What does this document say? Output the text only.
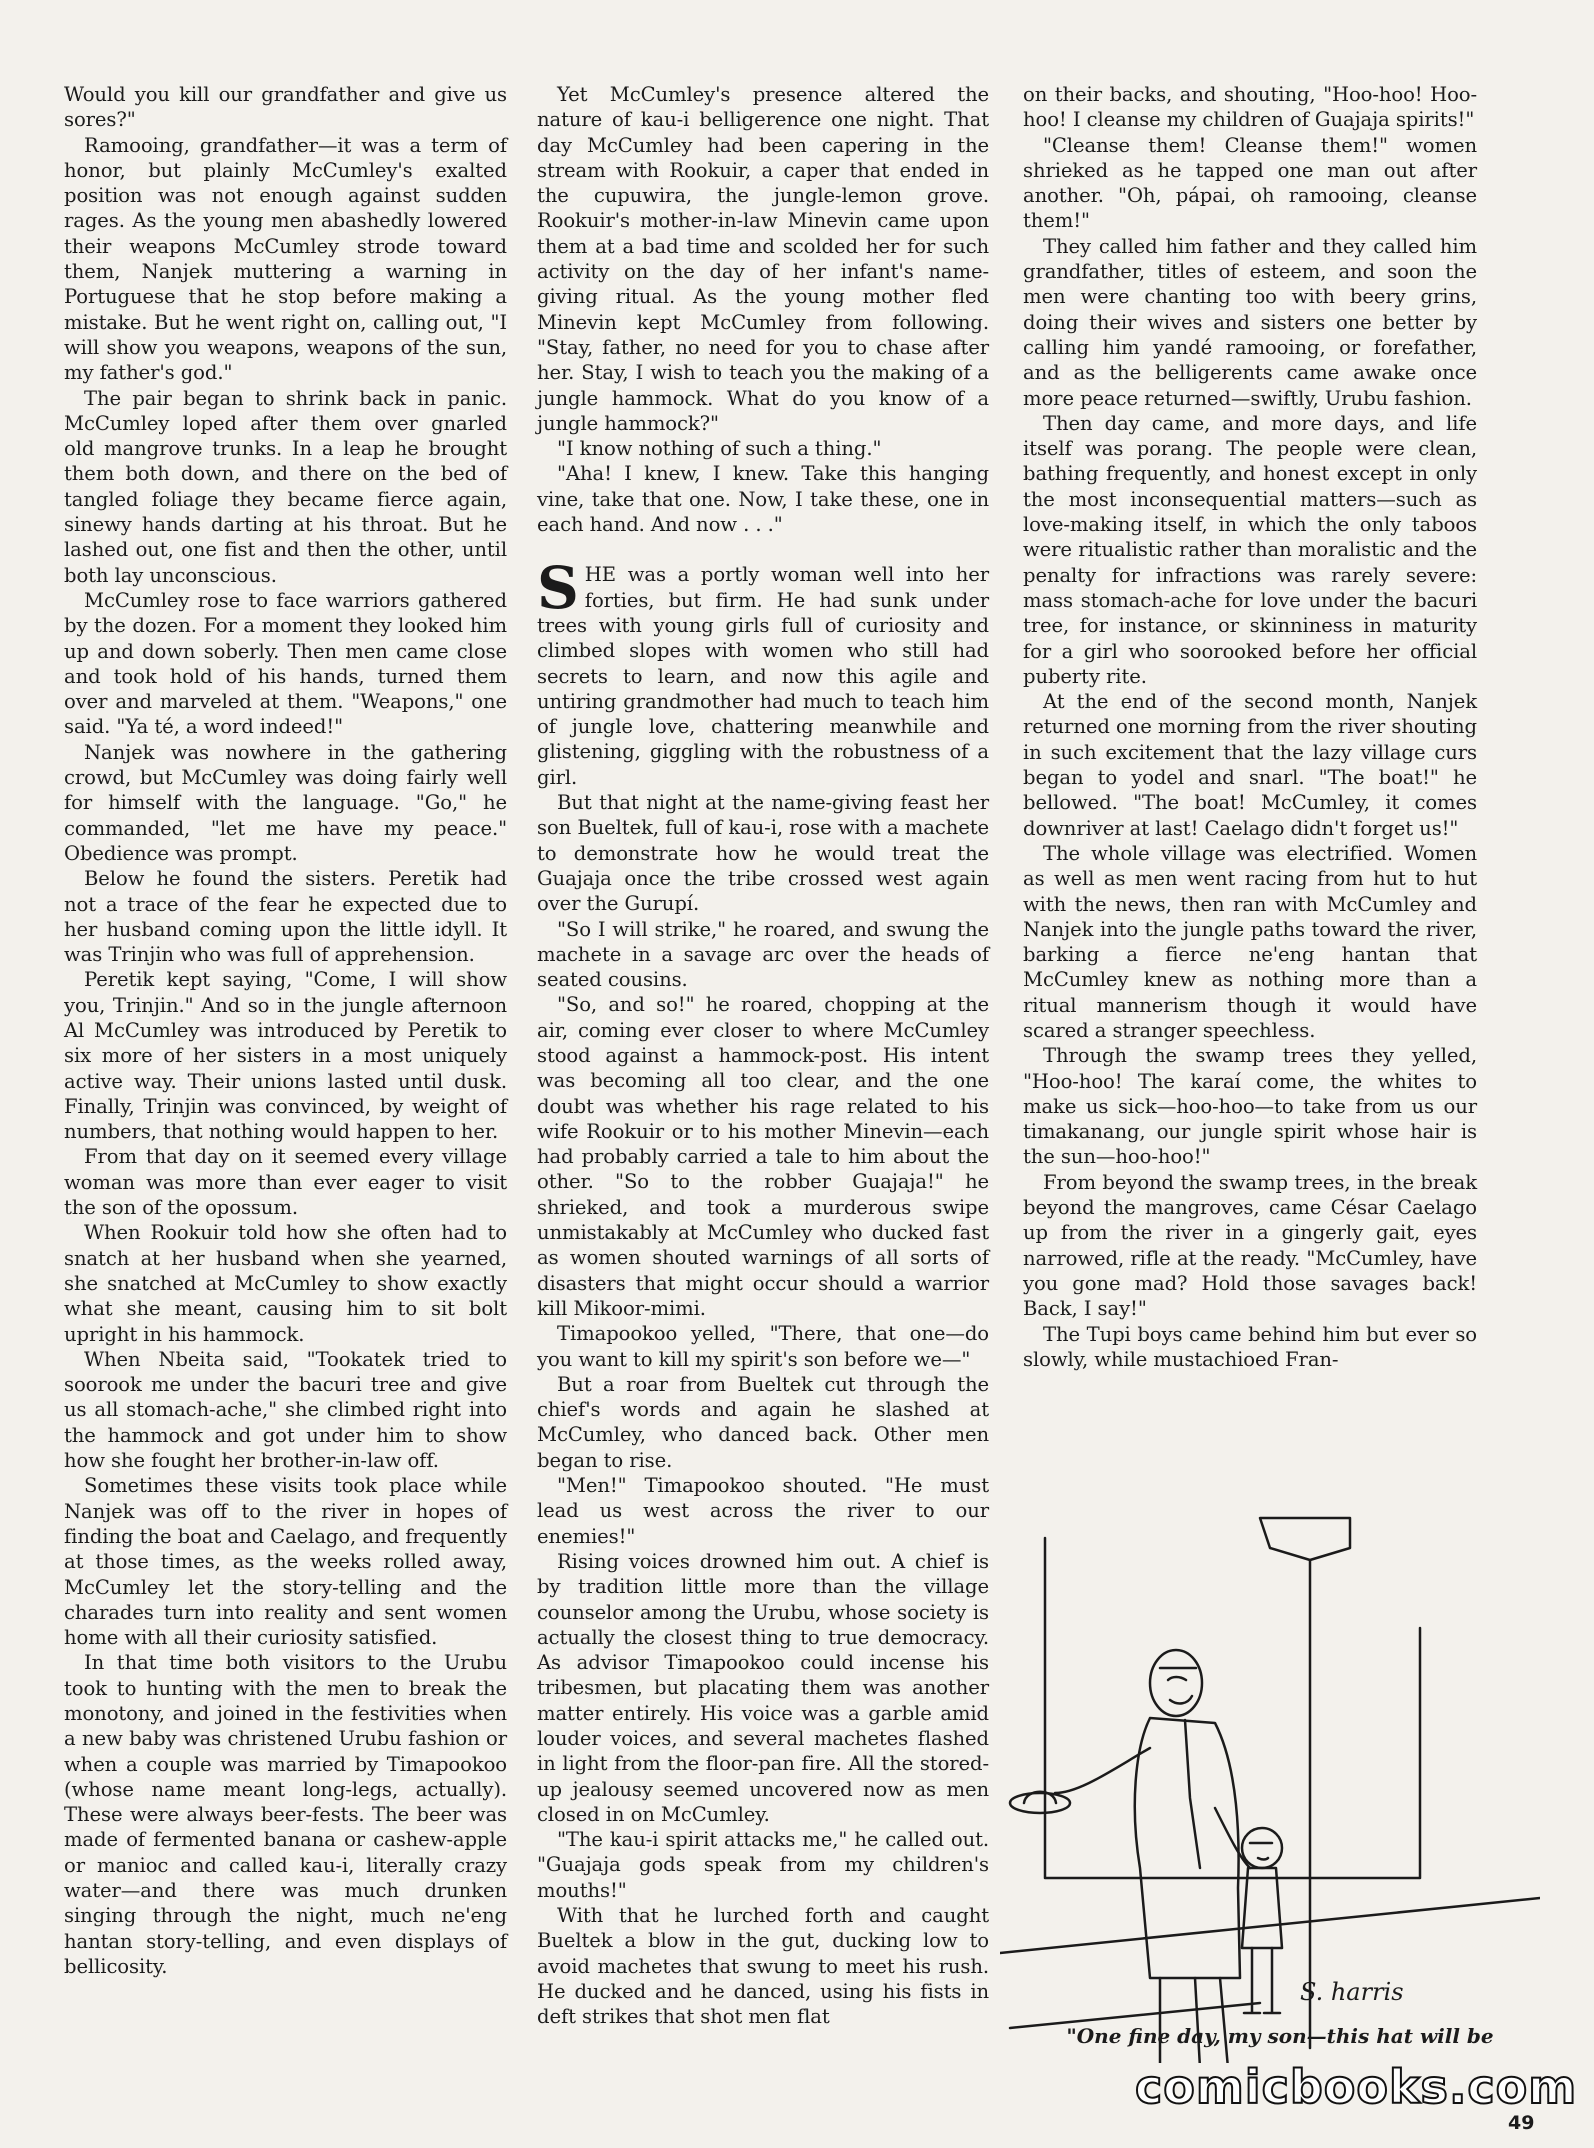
Would you kill our grandfather and give us sores?"

Ramooing, grandfather—it was a term of honor, but plainly McCumley's exalted position was not enough against sudden rages. As the young men abashedly lowered their weapons McCumley strode toward them, Nanjek muttering a warning in Portuguese that he stop before making a mistake. But he went right on, calling out, "I will show you weapons, weapons of the sun, my father's god."

The pair began to shrink back in panic. McCumley loped after them over gnarled old mangrove trunks. In a leap he brought them both down, and there on the bed of tangled foliage they became fierce again, sinewy hands darting at his throat. But he lashed out, one fist and then the other, until both lay unconscious.

McCumley rose to face warriors gathered by the dozen. For a moment they looked him up and down soberly. Then men came close and took hold of his hands, turned them over and marveled at them. "Weapons," one said. "Ya té, a word indeed!"

Nanjek was nowhere in the gathering crowd, but McCumley was doing fairly well for himself with the language. "Go," he commanded, "let me have my peace." Obedience was prompt.

Below he found the sisters. Peretik had not a trace of the fear he expected due to her husband coming upon the little idyll. It was Trinjin who was full of apprehension.

Peretik kept saying, "Come, I will show you, Trinjin." And so in the jungle afternoon Al McCumley was introduced by Peretik to six more of her sisters in a most uniquely active way. Their unions lasted until dusk. Finally, Trinjin was convinced, by weight of numbers, that nothing would happen to her.

From that day on it seemed every village woman was more than ever eager to visit the son of the opossum.

When Rookuir told how she often had to snatch at her husband when she yearned, she snatched at McCumley to show exactly what she meant, causing him to sit bolt upright in his hammock.

When Nbeita said, "Tookatek tried to soorook me under the bacuri tree and give us all stomach-ache," she climbed right into the hammock and got under him to show how she fought her brother-in-law off.

Sometimes these visits took place while Nanjek was off to the river in hopes of finding the boat and Caelago, and frequently at those times, as the weeks rolled away, McCumley let the story-telling and the charades turn into reality and sent women home with all their curiosity satisfied.

In that time both visitors to the Urubu took to hunting with the men to break the monotony, and joined in the festivities when a new baby was christened Urubu fashion or when a couple was married by Timapookoo (whose name meant long-legs, actually). These were always beer-fests. The beer was made of fermented banana or cashew-apple or manioc and called kau-i, literally crazy water—and there was much drunken singing through the night, much ne'eng hantan story-telling, and even displays of bellicosity.

Yet McCumley's presence altered the nature of kau-i belligerence one night. That day McCumley had been capering in the stream with Rookuir, a caper that ended in the cupuwira, the jungle-lemon grove. Rookuir's mother-in-law Minevin came upon them at a bad time and scolded her for such activity on the day of her infant's name-giving ritual. As the young mother fled Minevin kept McCumley from following. "Stay, father, no need for you to chase after her. Stay, I wish to teach you the making of a jungle hammock. What do you know of a jungle hammock?"

"I know nothing of such a thing."

"Aha! I knew, I knew. Take this hanging vine, take that one. Now, I take these, one in each hand. And now . . ."

SHE was a portly woman well into her forties, but firm. He had sunk under trees with young girls full of curiosity and climbed slopes with women who still had secrets to learn, and now this agile and untiring grandmother had much to teach him of jungle love, chattering meanwhile and glistening, giggling with the robustness of a girl.

But that night at the name-giving feast her son Bueltek, full of kau-i, rose with a machete to demonstrate how he would treat the Guajaja once the tribe crossed west again over the Gurupí.

"So I will strike," he roared, and swung the machete in a savage arc over the heads of seated cousins.

"So, and so!" he roared, chopping at the air, coming ever closer to where McCumley stood against a hammock-post. His intent was becoming all too clear, and the one doubt was whether his rage related to his wife Rookuir or to his mother Minevin—each had probably carried a tale to him about the other. "So to the robber Guajaja!" he shrieked, and took a murderous swipe unmistakably at McCumley who ducked fast as women shouted warnings of all sorts of disasters that might occur should a warrior kill Mikoor-mimi.

Timapookoo yelled, "There, that one—do you want to kill my spirit's son before we—"

But a roar from Bueltek cut through the chief's words and again he slashed at McCumley, who danced back. Other men began to rise.

"Men!" Timapookoo shouted. "He must lead us west across the river to our enemies!"

Rising voices drowned him out. A chief is by tradition little more than the village counselor among the Urubu, whose society is actually the closest thing to true democracy. As advisor Timapookoo could incense his tribesmen, but placating them was another matter entirely. His voice was a garble amid louder voices, and several machetes flashed in light from the floor-pan fire. All the stored-up jealousy seemed uncovered now as men closed in on McCumley.

"The kau-i spirit attacks me," he called out. "Guajaja gods speak from my children's mouths!"

With that he lurched forth and caught Bueltek a blow in the gut, ducking low to avoid machetes that swung to meet his rush. He ducked and he danced, using his fists in deft strikes that shot men flat

on their backs, and shouting, "Hoo-hoo! Hoo-hoo! I cleanse my children of Guajaja spirits!"

"Cleanse them! Cleanse them!" women shrieked as he tapped one man out after another. "Oh, pápai, oh ramooing, cleanse them!"

They called him father and they called him grandfather, titles of esteem, and soon the men were chanting too with beery grins, doing their wives and sisters one better by calling him yandé ramooing, or forefather, and as the belligerents came awake once more peace returned—swiftly, Urubu fashion.

Then day came, and more days, and life itself was porang. The people were clean, bathing frequently, and honest except in only the most inconsequential matters—such as love-making itself, in which the only taboos were ritualistic rather than moralistic and the penalty for infractions was rarely severe: mass stomach-ache for love under the bacuri tree, for instance, or skinniness in maturity for a girl who soorooked before her official puberty rite.

At the end of the second month, Nanjek returned one morning from the river shouting in such excitement that the lazy village curs began to yodel and snarl. "The boat!" he bellowed. "The boat! McCumley, it comes downriver at last! Caelago didn't forget us!"

The whole village was electrified. Women as well as men went racing from hut to hut with the news, then ran with McCumley and Nanjek into the jungle paths toward the river, barking a fierce ne'eng hantan that McCumley knew as nothing more than a ritual mannerism though it would have scared a stranger speechless.

Through the swamp trees they yelled, "Hoo-hoo! The karaí come, the whites to make us sick—hoo-hoo—to take from us our timakanang, our jungle spirit whose hair is the sun—hoo-hoo!"

From beyond the swamp trees, in the break beyond the mangroves, came César Caelago up from the river in a gingerly gait, eyes narrowed, rifle at the ready. "McCumley, have you gone mad? Hold those savages back! Back, I say!"

The Tupi boys came behind him but ever so slowly, while mustachioed Fran-

S. harris
"One fine day, my son—this hat will be
comicbooks.com
49
